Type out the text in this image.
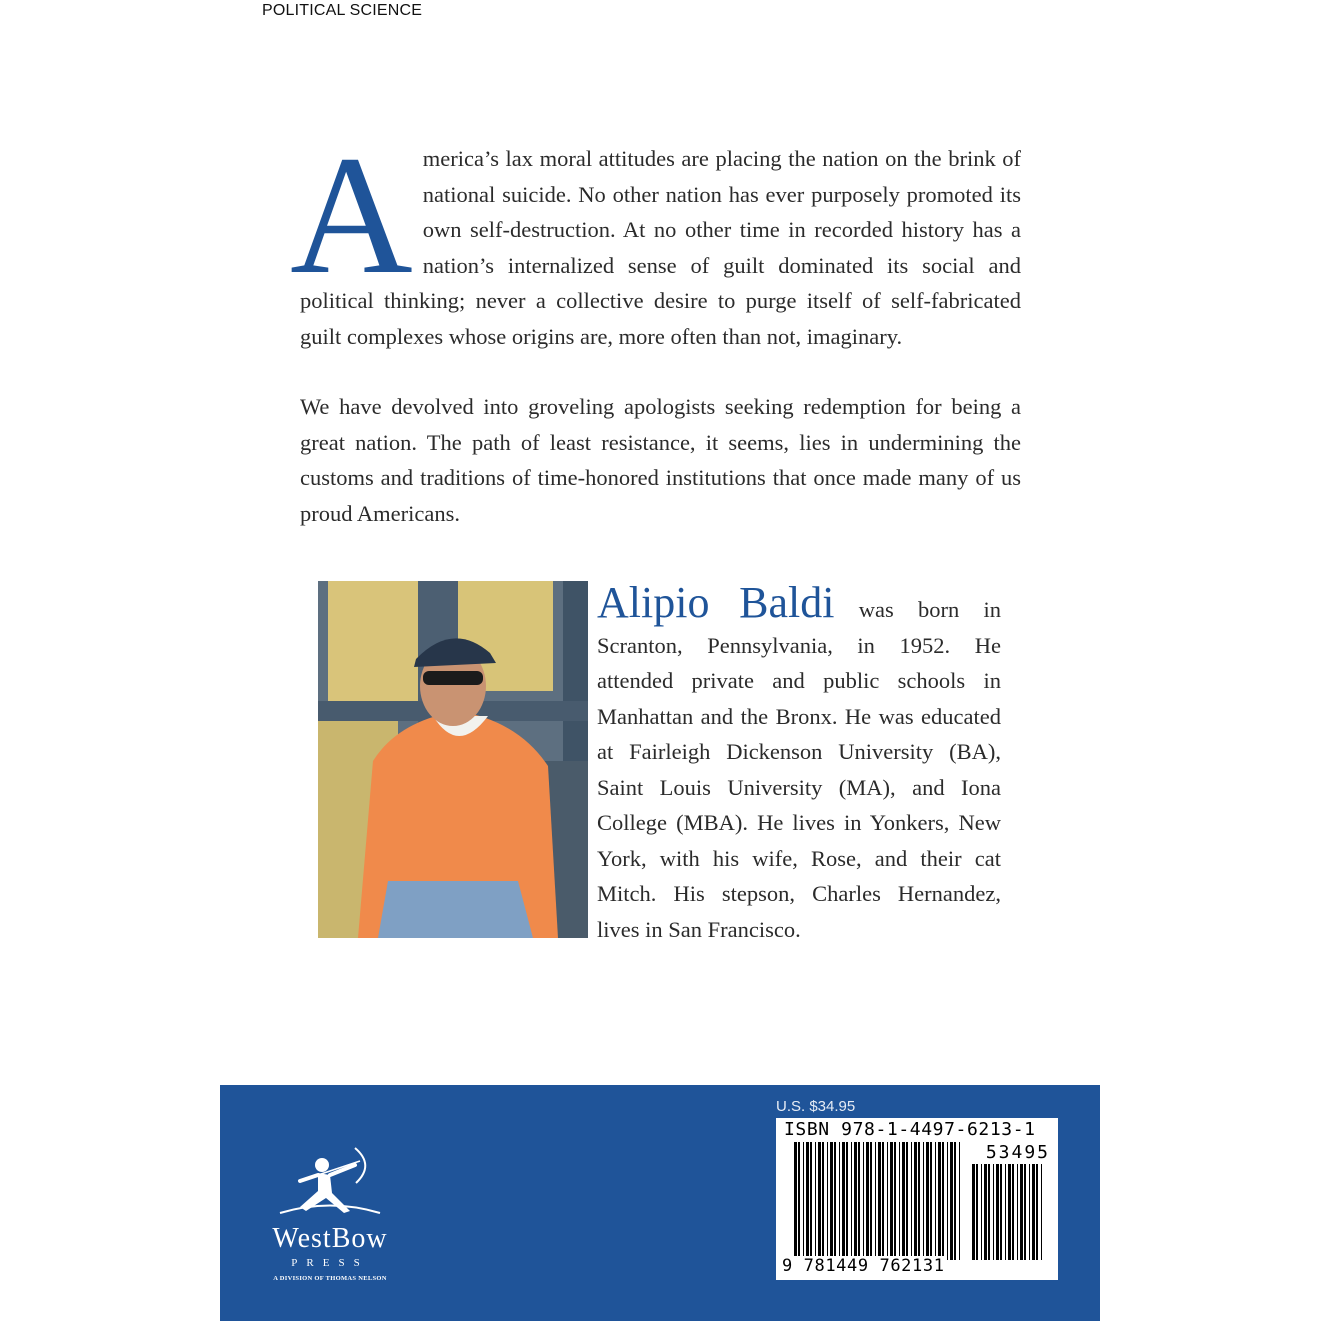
POLITICAL SCIENCE

America’s lax moral attitudes are placing the nation on the brink of national suicide. No other nation has ever purposely promoted its own self-destruction. At no other time in recorded history has a nation’s internalized sense of guilt dominated its social and political thinking; never a collective desire to purge itself of self-fabricated guilt complexes whose origins are, more often than not, imaginary.

We have devolved into groveling apologists seeking redemption for being a great nation. The path of least resistance, it seems, lies in undermining the customs and traditions of time-honored institutions that once made many of us proud Americans.

Alipio Baldi was born in Scranton, Pennsylvania, in 1952. He attended private and public schools in Manhattan and the Bronx. He was educated at Fairleigh Dickenson University (BA), Saint Louis University (MA), and Iona College (MBA). He lives in Yonkers, New York, with his wife, Rose, and their cat Mitch. His stepson, Charles Hernandez, lives in San Francisco.

WestBow
PRESS
A DIVISION OF THOMAS NELSON
U.S. $34.95
ISBN 978-1-4497-6213-1
53495
9 781449 762131
